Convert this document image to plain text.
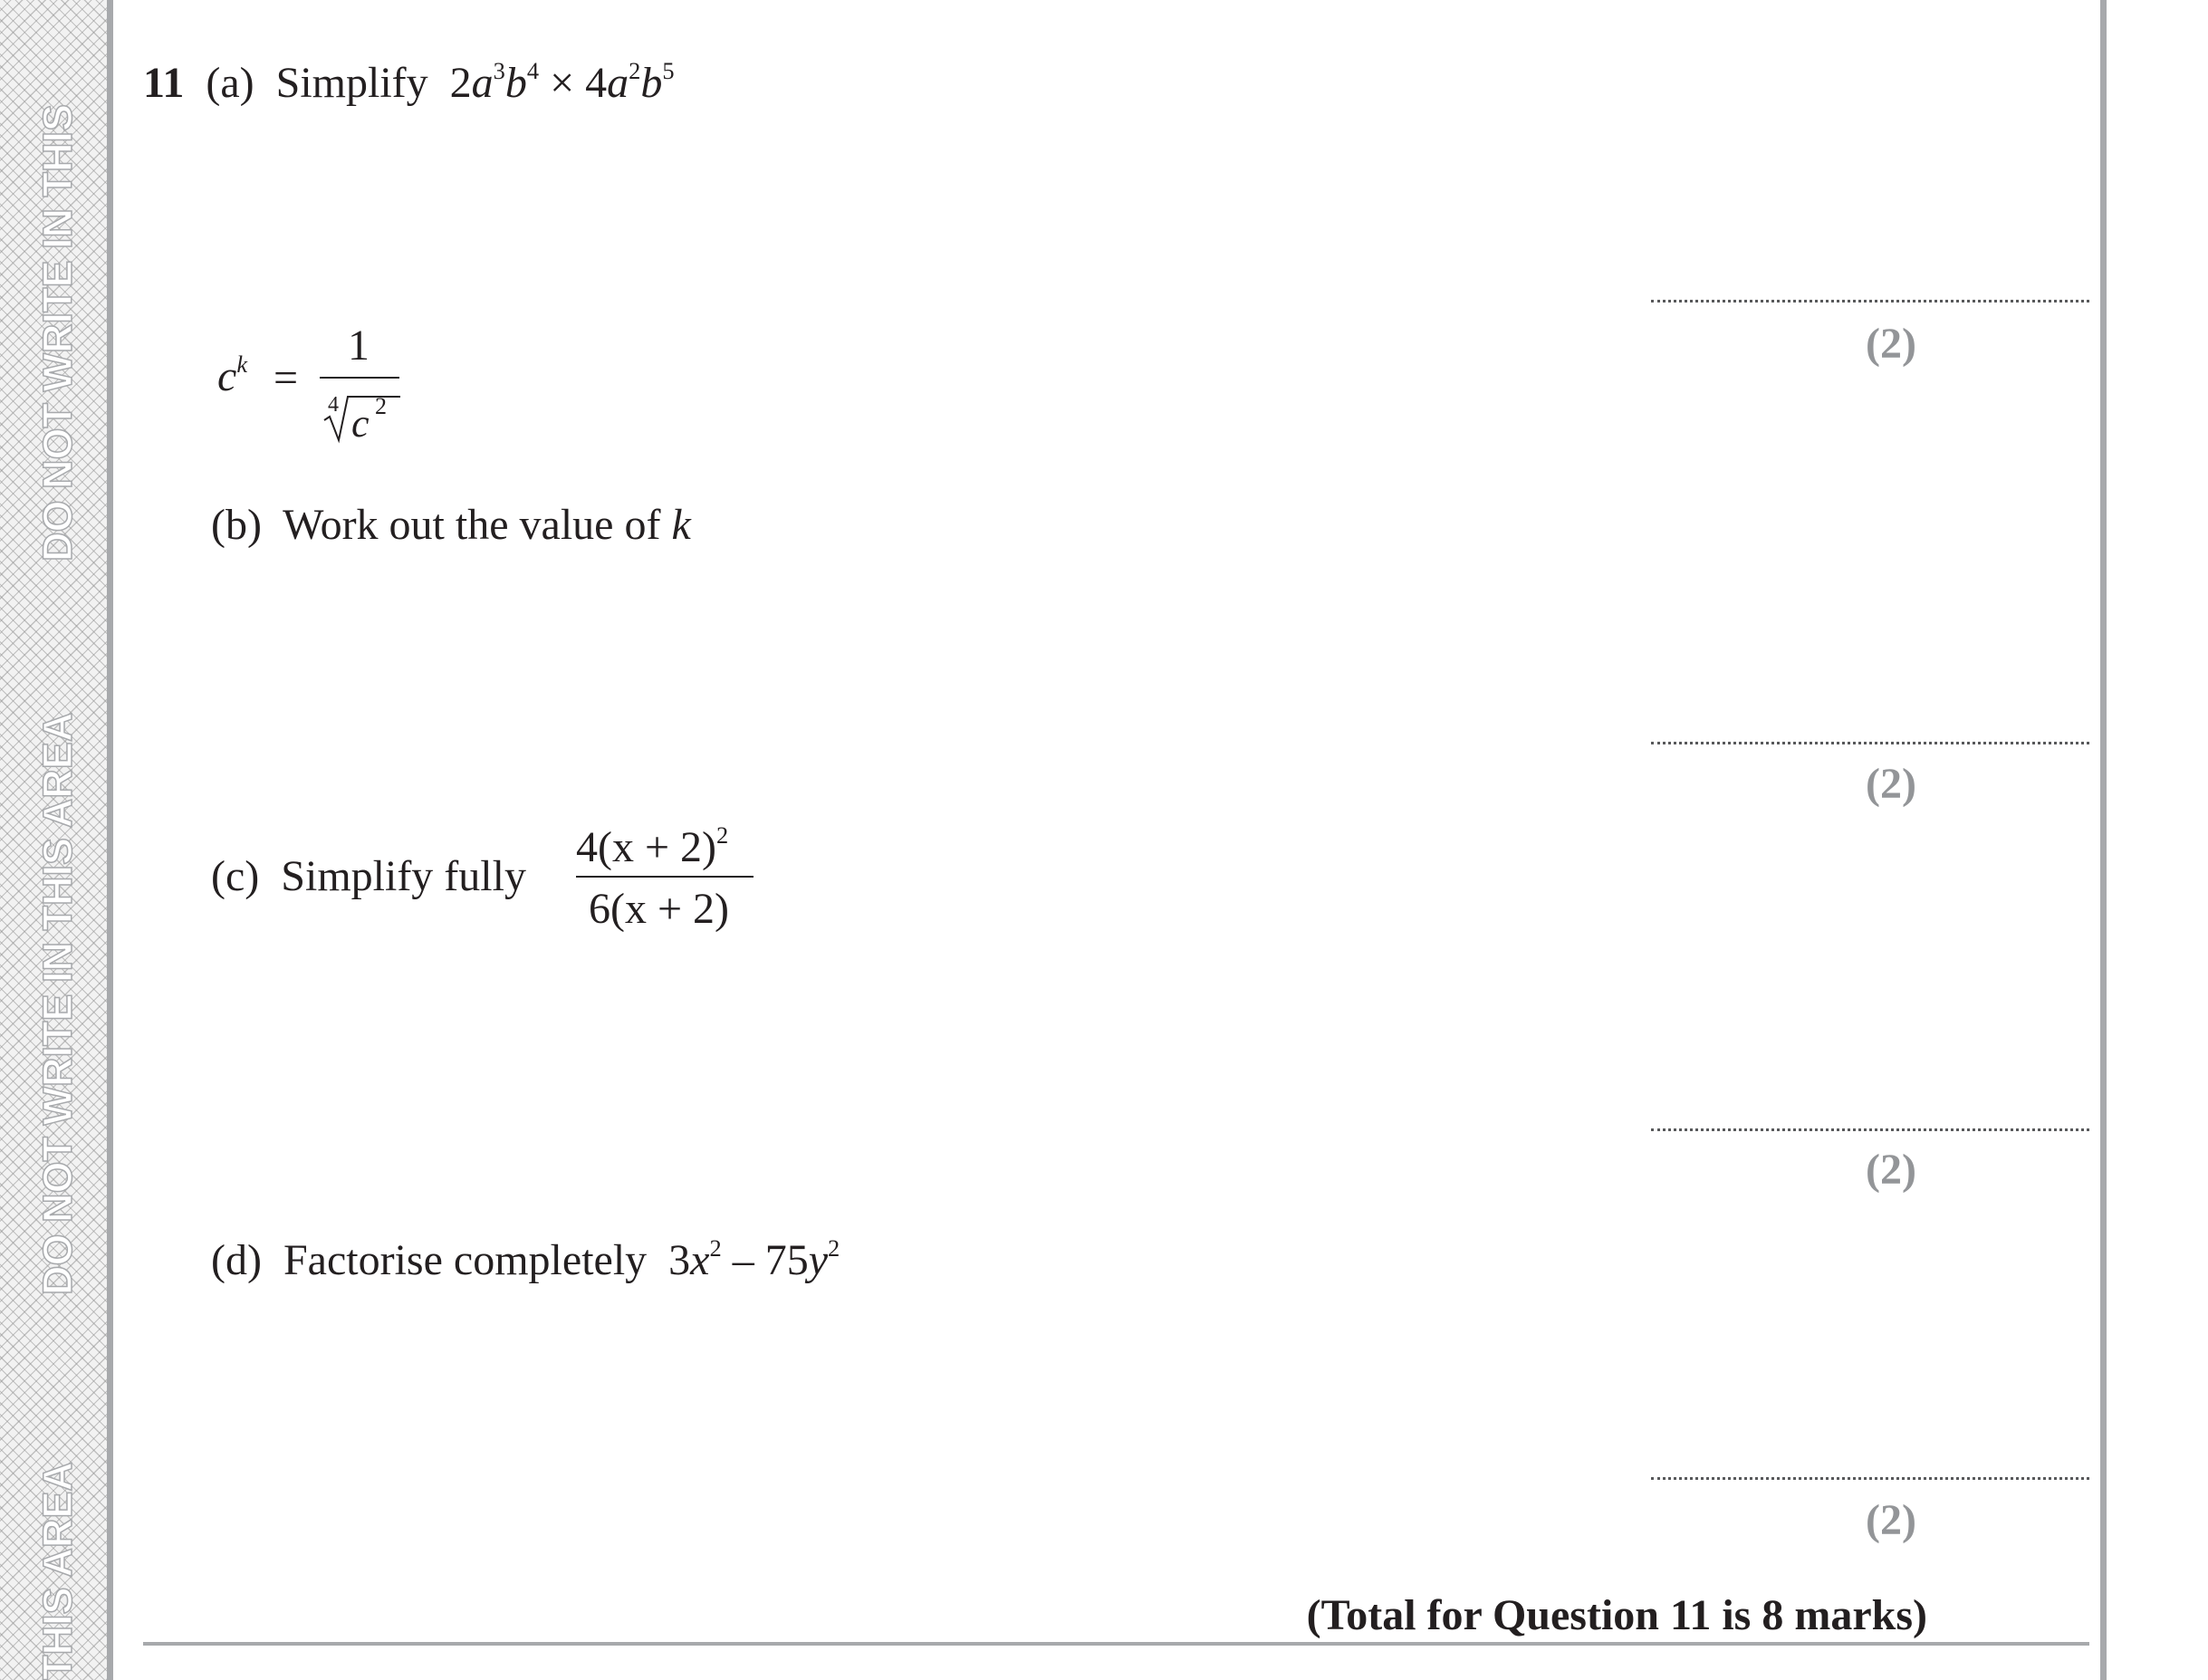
DO NOT WRITE IN THIS
DO NOT WRITE IN THIS AREA
THIS AREA
11 (a) Simplify $2a^3b^4 \times 4a^2b^5$
(2)
$c^k$ =
1
4 c 2
(b) Work out the value of k
(2)
(c) Simplify fully
$4(x + 2)^2$
6(x + 2)
(2)
(d) Factorise completely $3x^2 - 75y^2$
(2)
(Total for Question 11 is 8 marks)
